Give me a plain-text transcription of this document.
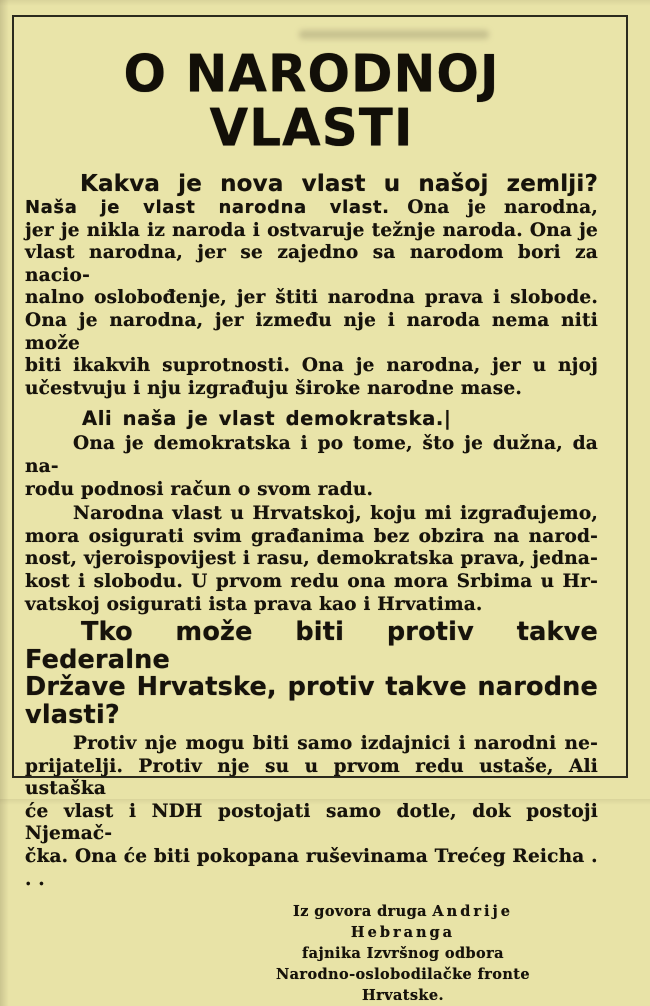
O NARODNOJ VLASTI
Kakva je nova vlast u našoj zemlji?
Naša je vlast narodna vlast. Ona je narodna,
jer je nikla iz naroda i ostvaruje težnje naroda. Ona je
vlast narodna, jer se zajedno sa narodom bori za nacio-
nalno oslobođenje, jer štiti narodna prava i slobode.
Ona je narodna, jer između nje i naroda nema niti može
biti ikakvih suprotnosti. Ona je narodna, jer u njoj
učestvuju i nju izgrađuju široke narodne mase.
Ali naša je vlast demokratska.|
Ona je demokratska i po tome, što je dužna, da na-
rodu podnosi račun o svom radu.
Narodna vlast u Hrvatskoj, koju mi izgrađujemo,
mora osigurati svim građanima bez obzira na narod-
nost, vjeroispovijest i rasu, demokratska prava, jedna-
kost i slobodu. U prvom redu ona mora Srbima u Hr-
vatskoj osigurati ista prava kao i Hrvatima.
Tko može biti protiv takve Federalne
Države Hrvatske, protiv takve narodne
vlasti?
Protiv nje mogu biti samo izdajnici i narodni ne-
prijatelji. Protiv nje su u prvom redu ustaše, Ali ustaška
će vlast i NDH postojati samo dotle, dok postoji Njemač-
čka. Ona će biti pokopana ruševinama Trećeg Reicha . . .
Iz govora druga Andrije Hebranga
fajnika Izvršnog odbora
Narodno-oslobodilačke fronte Hrvatske.
